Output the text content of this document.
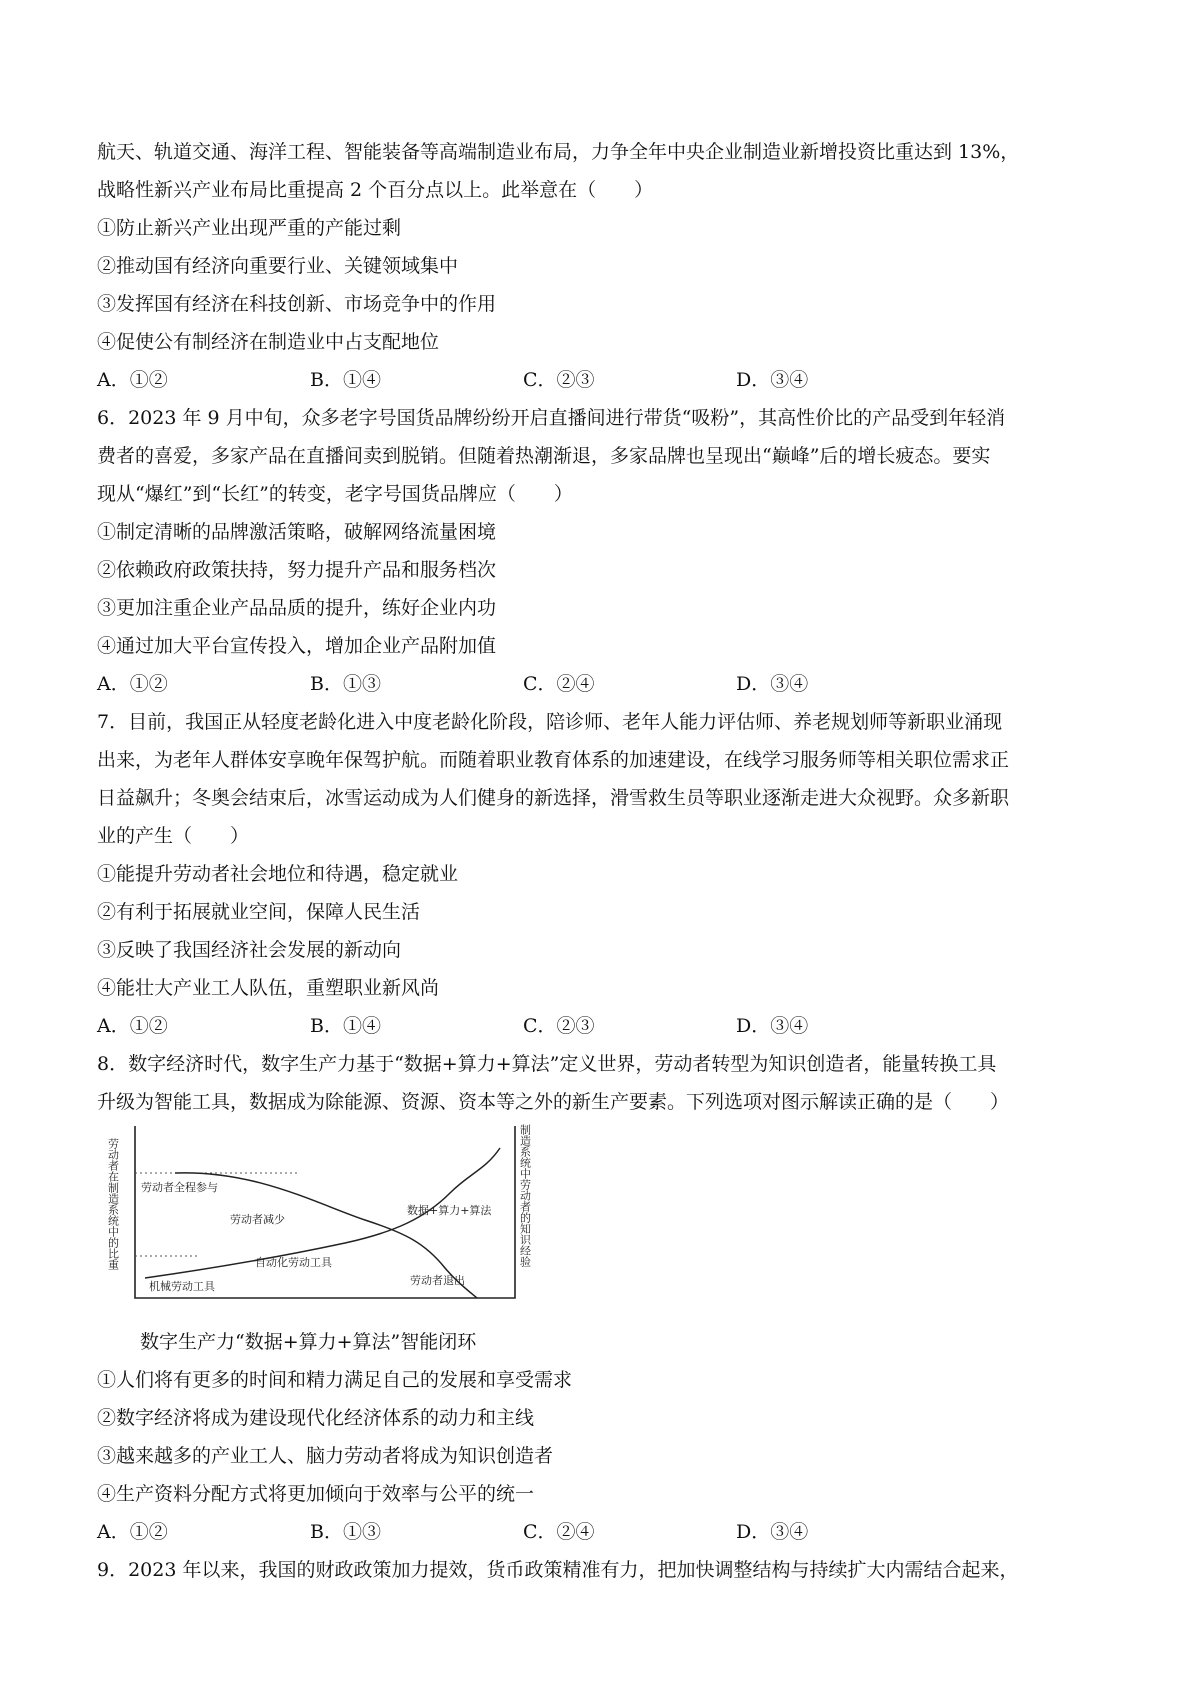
航天、轨道交通、海洋工程、智能装备等高端制造业布局，力争全年中央企业制造业新增投资比重达到 13%，
战略性新兴产业布局比重提高 2 个百分点以上。此举意在（　　）
①防止新兴产业出现严重的产能过剩
②推动国有经济向重要行业、关键领域集中
③发挥国有经济在科技创新、市场竞争中的作用
④促使公有制经济在制造业中占支配地位
A．①②	B．①④	C．②③	D．③④
6．2023 年 9 月中旬，众多老字号国货品牌纷纷开启直播间进行带货“吸粉”，其高性价比的产品受到年轻消
费者的喜爱，多家产品在直播间卖到脱销。但随着热潮渐退，多家品牌也呈现出“巅峰”后的增长疲态。要实
现从“爆红”到“长红”的转变，老字号国货品牌应（　　）
①制定清晰的品牌激活策略，破解网络流量困境
②依赖政府政策扶持，努力提升产品和服务档次
③更加注重企业产品品质的提升，练好企业内功
④通过加大平台宣传投入，增加企业产品附加值
A．①②	B．①③	C．②④	D．③④
7．目前，我国正从轻度老龄化进入中度老龄化阶段，陪诊师、老年人能力评估师、养老规划师等新职业涌现
出来，为老年人群体安享晚年保驾护航。而随着职业教育体系的加速建设，在线学习服务师等相关职位需求正
日益飙升；冬奥会结束后，冰雪运动成为人们健身的新选择，滑雪救生员等职业逐渐走进大众视野。众多新职
业的产生（　　）
①能提升劳动者社会地位和待遇，稳定就业
②有利于拓展就业空间，保障人民生活
③反映了我国经济社会发展的新动向
④能壮大产业工人队伍，重塑职业新风尚
A．①②	B．①④	C．②③	D．③④
8．数字经济时代，数字生产力基于“数据+算力+算法”定义世界，劳动者转型为知识创造者，能量转换工具
升级为智能工具，数据成为除能源、资源、资本等之外的新生产要素。下列选项对图示解读正确的是（　　）
劳动者在制造系统中的比重	制造系统中劳动者的知识经验
劳动者全程参与
劳动者减少
数据+算力+算法
自动化劳动工具
机械劳动工具	劳动者退出
数字生产力“数据+算力+算法”智能闭环
①人们将有更多的时间和精力满足自己的发展和享受需求
②数字经济将成为建设现代化经济体系的动力和主线
③越来越多的产业工人、脑力劳动者将成为知识创造者
④生产资料分配方式将更加倾向于效率与公平的统一
A．①②	B．①③	C．②④	D．③④
9．2023 年以来，我国的财政政策加力提效，货币政策精准有力，把加快调整结构与持续扩大内需结合起来，
